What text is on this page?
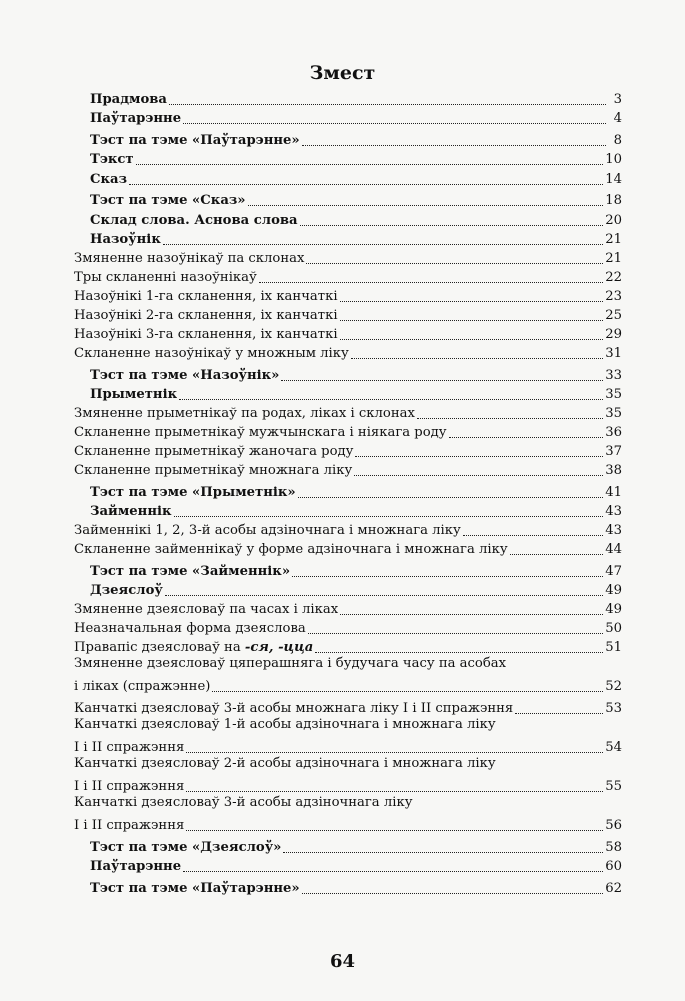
Змест
Прадмова	3
Паўтарэнне	4
Тэст па тэме «Паўтарэнне»	8
Тэкст	10
Сказ	14
Тэст па тэме «Сказ»	18
Склад слова. Аснова слова	20
Назоўнік	21
Змяненне назоўнікаў па склонах	21
Тры скланенні назоўнікаў	22
Назоўнікі 1-га скланення, іх канчаткі	23
Назоўнікі 2-га скланення, іх канчаткі	25
Назоўнікі 3-га скланення, іх канчаткі	29
Скланенне назоўнікаў у множным ліку	31
Тэст па тэме «Назоўнік»	33
Прыметнік	35
Змяненне прыметнікаў па родах, ліках і склонах	35
Скланенне прыметнікаў мужчынскага і ніякага роду	36
Скланенне прыметнікаў жаночага роду	37
Скланенне прыметнікаў множнага ліку	38
Тэст па тэме «Прыметнік»	41
Займеннік	43
Займеннікі 1, 2, 3-й асобы адзіночнага і множнага ліку	43
Скланенне займеннікаў у форме адзіночнага і множнага ліку	44
Тэст па тэме «Займеннік»	47
Дзеяслоў	49
Змяненне дзеясловаў па часах і ліках	49
Неазначальная форма дзеяслова	50
Правапіс дзеясловаў на -ся, -цца	51
Змяненне дзеясловаў цяперашняга і будучага часу па асобах
і ліках (спражэнне)	52
Канчаткі дзеясловаў 3-й асобы множнага ліку I і II спражэння	53
Канчаткі дзеясловаў 1-й асобы адзіночнага і множнага ліку
I і II спражэння	54
Канчаткі дзеясловаў 2-й асобы адзіночнага і множнага ліку
I і II спражэння	55
Канчаткі дзеясловаў 3-й асобы адзіночнага ліку
I і II спражэння	56
Тэст па тэме «Дзеяслоў»	58
Паўтарэнне	60
Тэст па тэме «Паўтарэнне»	62
64
